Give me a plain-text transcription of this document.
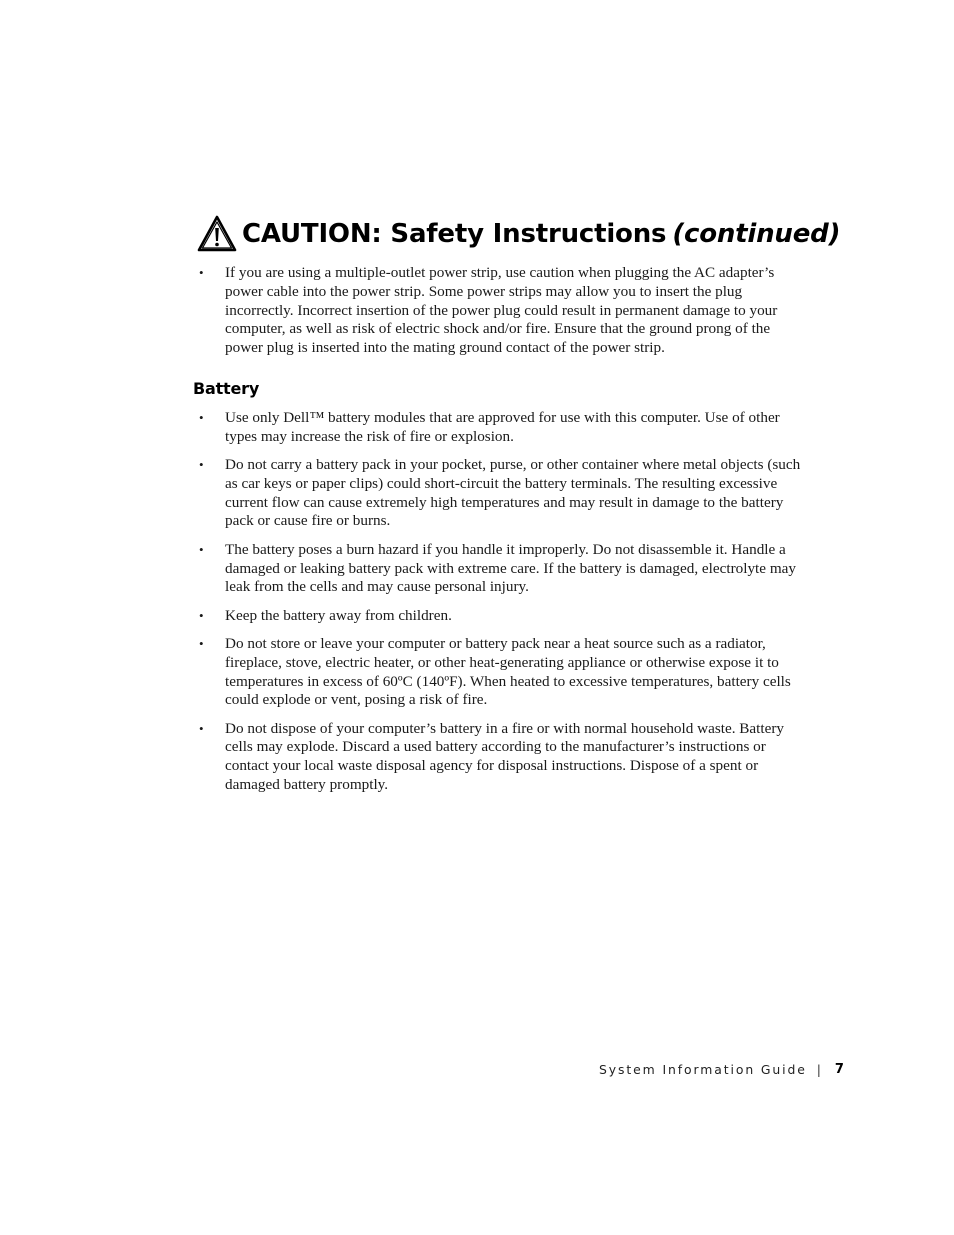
CAUTION: Safety Instructions (continued)
• If you are using a multiple-outlet power strip, use caution when plugging the AC adapter’s power cable into the power strip. Some power strips may allow you to insert the plug incorrectly. Incorrect insertion of the power plug could result in permanent damage to your computer, as well as risk of electric shock and/or fire. Ensure that the ground prong of the power plug is inserted into the mating ground contact of the power strip.
Battery
• Use only Dell™ battery modules that are approved for use with this computer. Use of other types may increase the risk of fire or explosion.
• Do not carry a battery pack in your pocket, purse, or other container where metal objects (such as car keys or paper clips) could short-circuit the battery terminals. The resulting excessive current flow can cause extremely high temperatures and may result in damage to the battery pack or cause fire or burns.
• The battery poses a burn hazard if you handle it improperly. Do not disassemble it. Handle a damaged or leaking battery pack with extreme care. If the battery is damaged, electrolyte may leak from the cells and may cause personal injury.
• Keep the battery away from children.
• Do not store or leave your computer or battery pack near a heat source such as a radiator, fireplace, stove, electric heater, or other heat-generating appliance or otherwise expose it to temperatures in excess of 60ºC (140ºF). When heated to excessive temperatures, battery cells could explode or vent, posing a risk of fire.
• Do not dispose of your computer’s battery in a fire or with normal household waste. Battery cells may explode. Discard a used battery according to the manufacturer’s instructions or contact your local waste disposal agency for disposal instructions. Dispose of a spent or damaged battery promptly.
System Information Guide | 7
